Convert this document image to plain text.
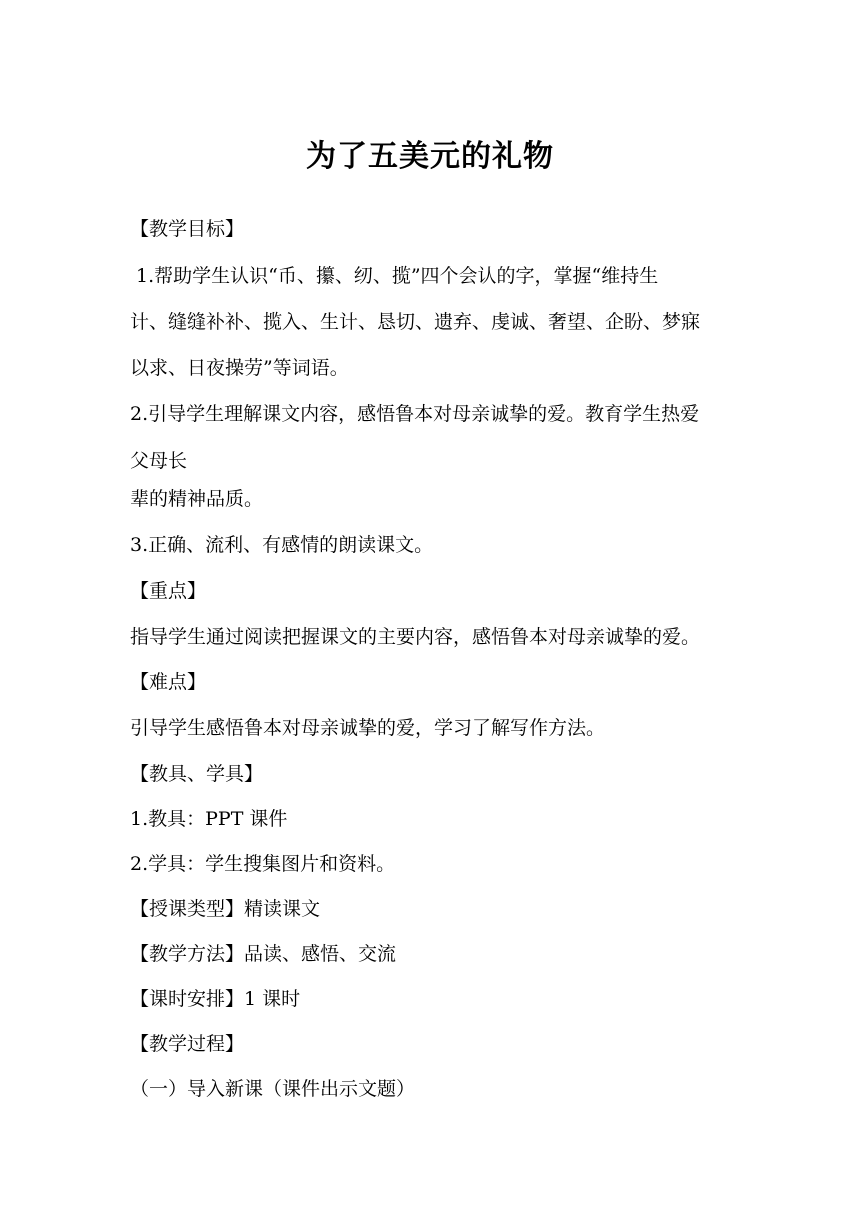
为了五美元的礼物
【教学目标】
1.帮助学生认识“币、攥、纫、揽”四个会认的字，掌握“维持生
计、缝缝补补、揽入、生计、恳切、遗弃、虔诚、奢望、企盼、梦寐
以求、日夜操劳”等词语。
2.引导学生理解课文内容，感悟鲁本对母亲诚挚的爱。教育学生热爱
父母长
辈的精神品质。
3.正确、流利、有感情的朗读课文。
【重点】
指导学生通过阅读把握课文的主要内容，感悟鲁本对母亲诚挚的爱。
【难点】
引导学生感悟鲁本对母亲诚挚的爱，学习了解写作方法。
【教具、学具】
1.教具：PPT 课件
2.学具：学生搜集图片和资料。
【授课类型】精读课文
【教学方法】品读、感悟、交流
【课时安排】1 课时
【教学过程】
（一）导入新课（课件出示文题）
